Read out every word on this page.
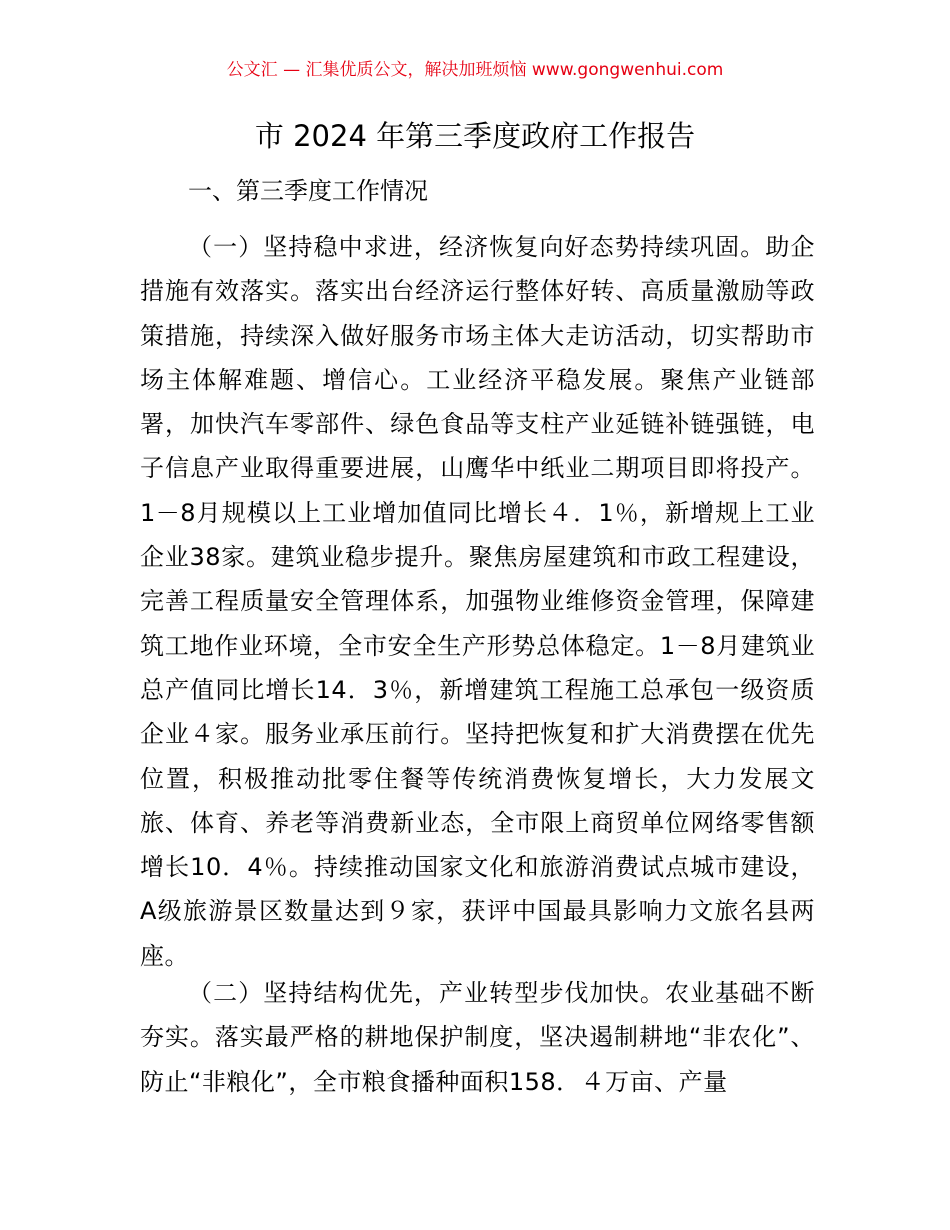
公文汇 — 汇集优质公文，解决加班烦恼 www.gongwenhui.com
市 2024 年第三季度政府工作报告
一、第三季度工作情况

（一）坚持稳中求进，经济恢复向好态势持续巩固。助企措施有效落实。落实出台经济运行整体好转、高质量激励等政策措施，持续深入做好服务市场主体大走访活动，切实帮助市场主体解难题、增信心。工业经济平稳发展。聚焦产业链部署，加快汽车零部件、绿色食品等支柱产业延链补链强链，电子信息产业取得重要进展，山鹰华中纸业二期项目即将投产。1－8月规模以上工业增加值同比增长４．1％，新增规上工业企业38家。建筑业稳步提升。聚焦房屋建筑和市政工程建设，完善工程质量安全管理体系，加强物业维修资金管理，保障建筑工地作业环境，全市安全生产形势总体稳定。1－8月建筑业总产值同比增长14．3％，新增建筑工程施工总承包一级资质企业４家。服务业承压前行。坚持把恢复和扩大消费摆在优先位置，积极推动批零住餐等传统消费恢复增长，大力发展文旅、体育、养老等消费新业态，全市限上商贸单位网络零售额增长10．4％。持续推动国家文化和旅游消费试点城市建设，A级旅游景区数量达到９家，获评中国最具影响力文旅名县两座。

（二）坚持结构优先，产业转型步伐加快。农业基础不断夯实。落实最严格的耕地保护制度，坚决遏制耕地“非农化”、防止“非粮化”，全市粮食播种面积158．４万亩、产量
